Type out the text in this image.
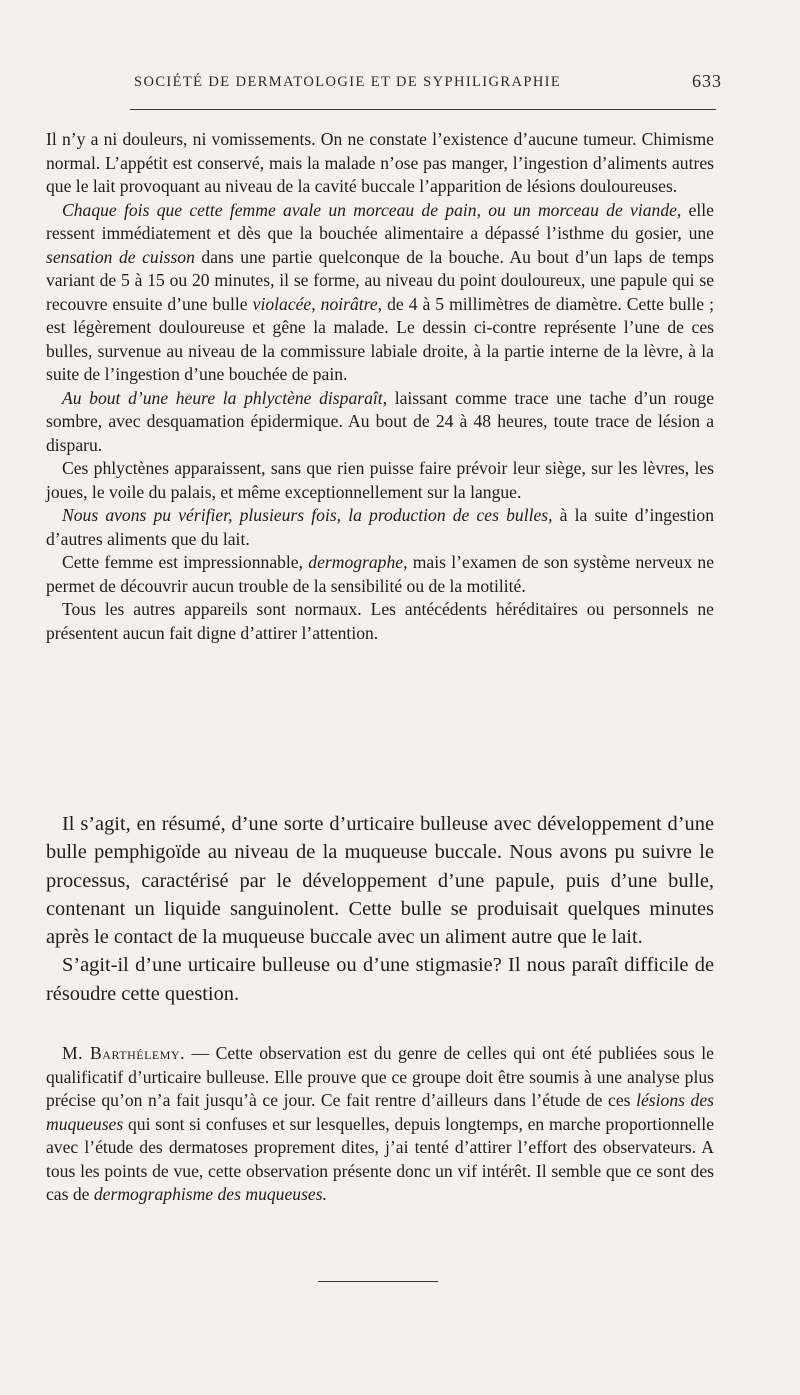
SOCIÉTÉ DE DERMATOLOGIE ET DE SYPHILIGRAPHIE	633

Il n’y a ni douleurs, ni vomissements. On ne constate l’existence d’aucune tumeur. Chimisme normal. L’appétit est conservé, mais la malade n’ose pas manger, l’ingestion d’aliments autres que le lait provoquant au niveau de la cavité buccale l’apparition de lésions douloureuses.

Chaque fois que cette femme avale un morceau de pain, ou un morceau de viande, elle ressent immédiatement et dès que la bouchée alimentaire a dépassé l’isthme du gosier, une sensation de cuisson dans une partie quelconque de la bouche. Au bout d’un laps de temps variant de 5 à 15 ou 20 minutes, il se forme, au niveau du point douloureux, une papule qui se recouvre ensuite d’une bulle violacée, noirâtre, de 4 à 5 millimètres de diamètre. Cette bulle ; est légèrement douloureuse et gêne la malade. Le dessin ci-contre représente l’une de ces bulles, survenue au niveau de la commissure labiale droite, à la partie interne de la lèvre, à la suite de l’ingestion d’une bouchée de pain.

Au bout d’une heure la phlyctène disparaît, laissant comme trace une tache d’un rouge sombre, avec desquamation épidermique. Au bout de 24 à 48 heures, toute trace de lésion a disparu.

Ces phlyctènes apparaissent, sans que rien puisse faire prévoir leur siège, sur les lèvres, les joues, le voile du palais, et même exceptionnellement sur la langue.

Nous avons pu vérifier, plusieurs fois, la production de ces bulles, à la suite d’ingestion d’autres aliments que du lait.

Cette femme est impressionnable, dermographe, mais l’examen de son système nerveux ne permet de découvrir aucun trouble de la sensibilité ou de la motilité.

Tous les autres appareils sont normaux. Les antécédents héréditaires ou personnels ne présentent aucun fait digne d’attirer l’attention.

Il s’agit, en résumé, d’une sorte d’urticaire bulleuse avec développement d’une bulle pemphigoïde au niveau de la muqueuse buccale. Nous avons pu suivre le processus, caractérisé par le développement d’une papule, puis d’une bulle, contenant un liquide sanguinolent. Cette bulle se produisait quelques minutes après le contact de la muqueuse buccale avec un aliment autre que le lait.

S’agit-il d’une urticaire bulleuse ou d’une stigmasie? Il nous paraît difficile de résoudre cette question.

M. Barthélemy. — Cette observation est du genre de celles qui ont été publiées sous le qualificatif d’urticaire bulleuse. Elle prouve que ce groupe doit être soumis à une analyse plus précise qu’on n’a fait jusqu’à ce jour. Ce fait rentre d’ailleurs dans l’étude de ces lésions des muqueuses qui sont si confuses et sur lesquelles, depuis longtemps, en marche proportionnelle avec l’étude des dermatoses proprement dites, j’ai tenté d’attirer l’effort des observateurs. A tous les points de vue, cette observation présente donc un vif intérêt. Il semble que ce sont des cas de dermographisme des muqueuses.
